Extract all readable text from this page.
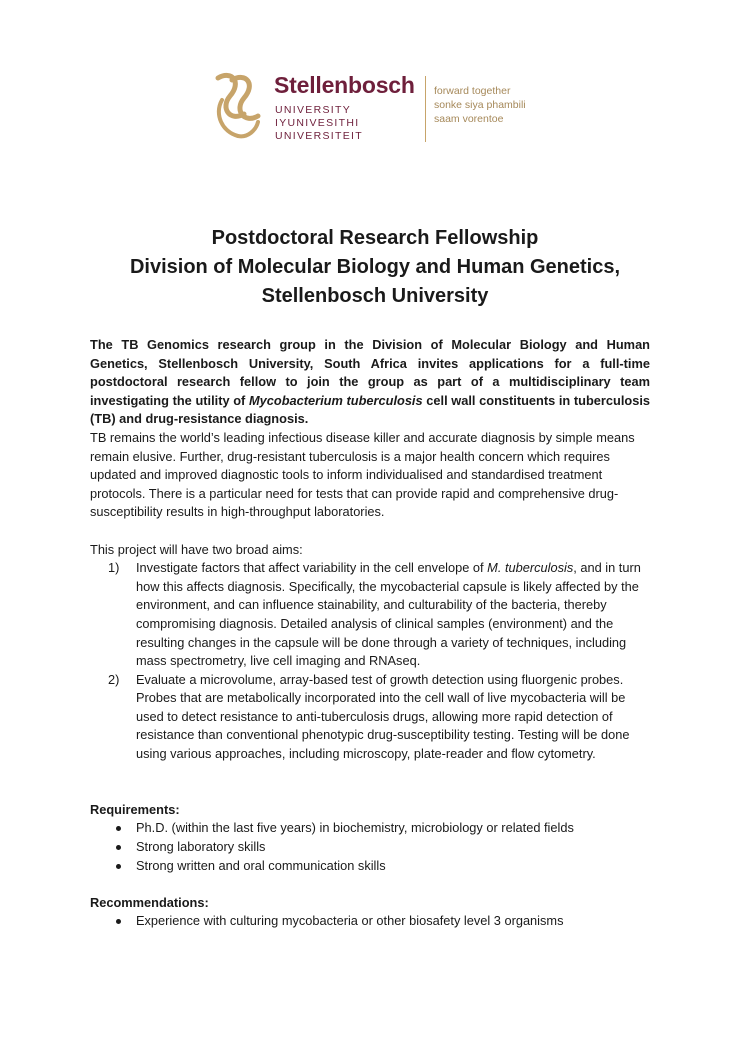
Stellenbosch
UNIVERSITY
IYUNIVESITHI
UNIVERSITEIT
forward together
sonke siya phambili
saam vorentoe
Postdoctoral Research Fellowship
Division of Molecular Biology and Human Genetics,
Stellenbosch University

The TB Genomics research group in the Division of Molecular Biology and Human Genetics, Stellenbosch University, South Africa invites applications for a full-time postdoctoral research fellow to join the group as part of a multidisciplinary team investigating the utility of Mycobacterium tuberculosis cell wall constituents in tuberculosis (TB) and drug-resistance diagnosis.

TB remains the world’s leading infectious disease killer and accurate diagnosis by simple means remain elusive. Further, drug-resistant tuberculosis is a major health concern which requires updated and improved diagnostic tools to inform individualised and standardised treatment protocols. There is a particular need for tests that can provide rapid and comprehensive drug-susceptibility results in high-throughput laboratories.

This project will have two broad aims:

1) Investigate factors that affect variability in the cell envelope of M. tuberculosis, and in turn how this affects diagnosis. Specifically, the mycobacterial capsule is likely affected by the environment, and can influence stainability, and culturability of the bacteria, thereby compromising diagnosis. Detailed analysis of clinical samples (environment) and the resulting changes in the capsule will be done through a variety of techniques, including mass spectrometry, live cell imaging and RNAseq.
2) Evaluate a microvolume, array-based test of growth detection using fluorgenic probes. Probes that are metabolically incorporated into the cell wall of live mycobacteria will be used to detect resistance to anti-tuberculosis drugs, allowing more rapid detection of resistance than conventional phenotypic drug-susceptibility testing. Testing will be done using various approaches, including microscopy, plate-reader and flow cytometry.

Requirements:

Ph.D. (within the last five years) in biochemistry, microbiology or related fields
Strong laboratory skills
Strong written and oral communication skills

Recommendations:

Experience with culturing mycobacteria or other biosafety level 3 organisms
